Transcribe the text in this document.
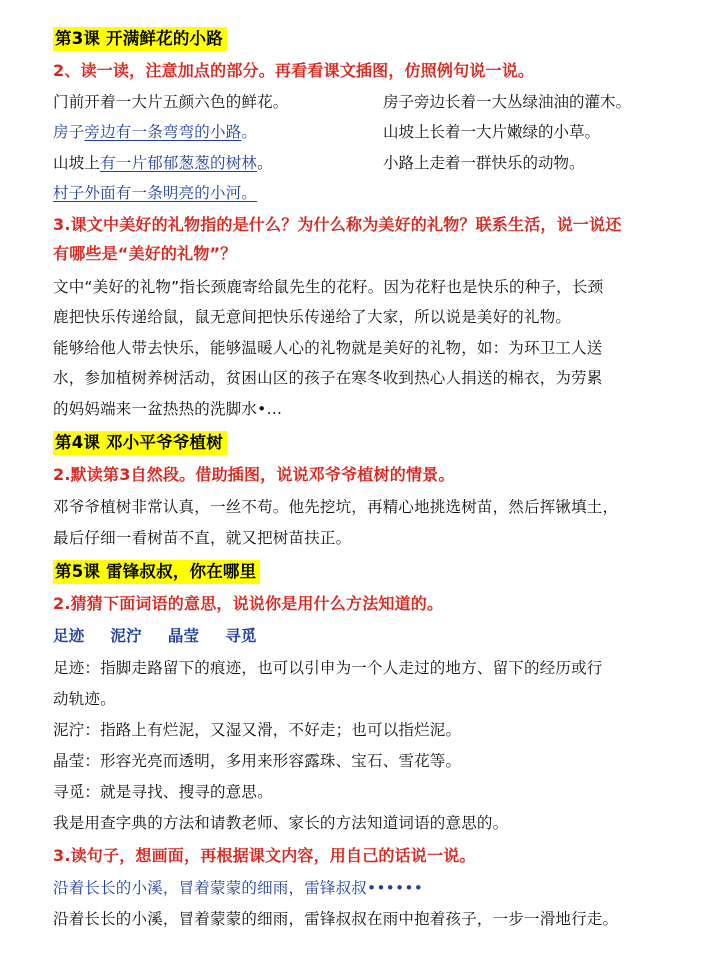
第3课 开满鲜花的小路
2、读一读，注意加点的部分。再看看课文插图，仿照例句说一说。
门前开着一大片五颜六色的鲜花。	房子旁边长着一大丛绿油油的灌木。
房子旁边有一条弯弯的小路。	山坡上长着一大片嫩绿的小草。
山坡上有一片郁郁葱葱的树林。	小路上走着一群快乐的动物。
村子外面有一条明亮的小河。
3.课文中美好的礼物指的是什么？为什么称为美好的礼物？联系生活，说一说还
有哪些是“美好的礼物”？
文中“美好的礼物”指长颈鹿寄给鼠先生的花籽。因为花籽也是快乐的种子，长颈
鹿把快乐传递给鼠，鼠无意间把快乐传递给了大家，所以说是美好的礼物。
能够给他人带去快乐，能够温暖人心的礼物就是美好的礼物，如：为环卫工人送
水，参加植树养树活动，贫困山区的孩子在寒冬收到热心人捐送的棉衣，为劳累
的妈妈端来一盆热热的洗脚水•…
第4课 邓小平爷爷植树
2.默读第3自然段。借助插图，说说邓爷爷植树的情景。
邓爷爷植树非常认真，一丝不苟。他先挖坑，再精心地挑选树苗，然后挥锹填土，
最后仔细一看树苗不直，就又把树苗扶正。
第5课 雷锋叔叔，你在哪里
2.猜猜下面词语的意思，说说你是用什么方法知道的。
足迹 泥泞 晶莹 寻觅
足迹：指脚走路留下的痕迹，也可以引申为一个人走过的地方、留下的经历或行
动轨迹。
泥泞：指路上有烂泥，又湿又滑，不好走；也可以指烂泥。
晶莹：形容光亮而透明，多用来形容露珠、宝石、雪花等。
寻觅：就是寻找、搜寻的意思。
我是用查字典的方法和请教老师、家长的方法知道词语的意思的。
3.读句子，想画面，再根据课文内容，用自己的话说一说。
沿着长长的小溪，冒着蒙蒙的细雨，雷锋叔叔••••••
沿着长长的小溪，冒着蒙蒙的细雨，雷锋叔叔在雨中抱着孩子，一步一滑地行走。
